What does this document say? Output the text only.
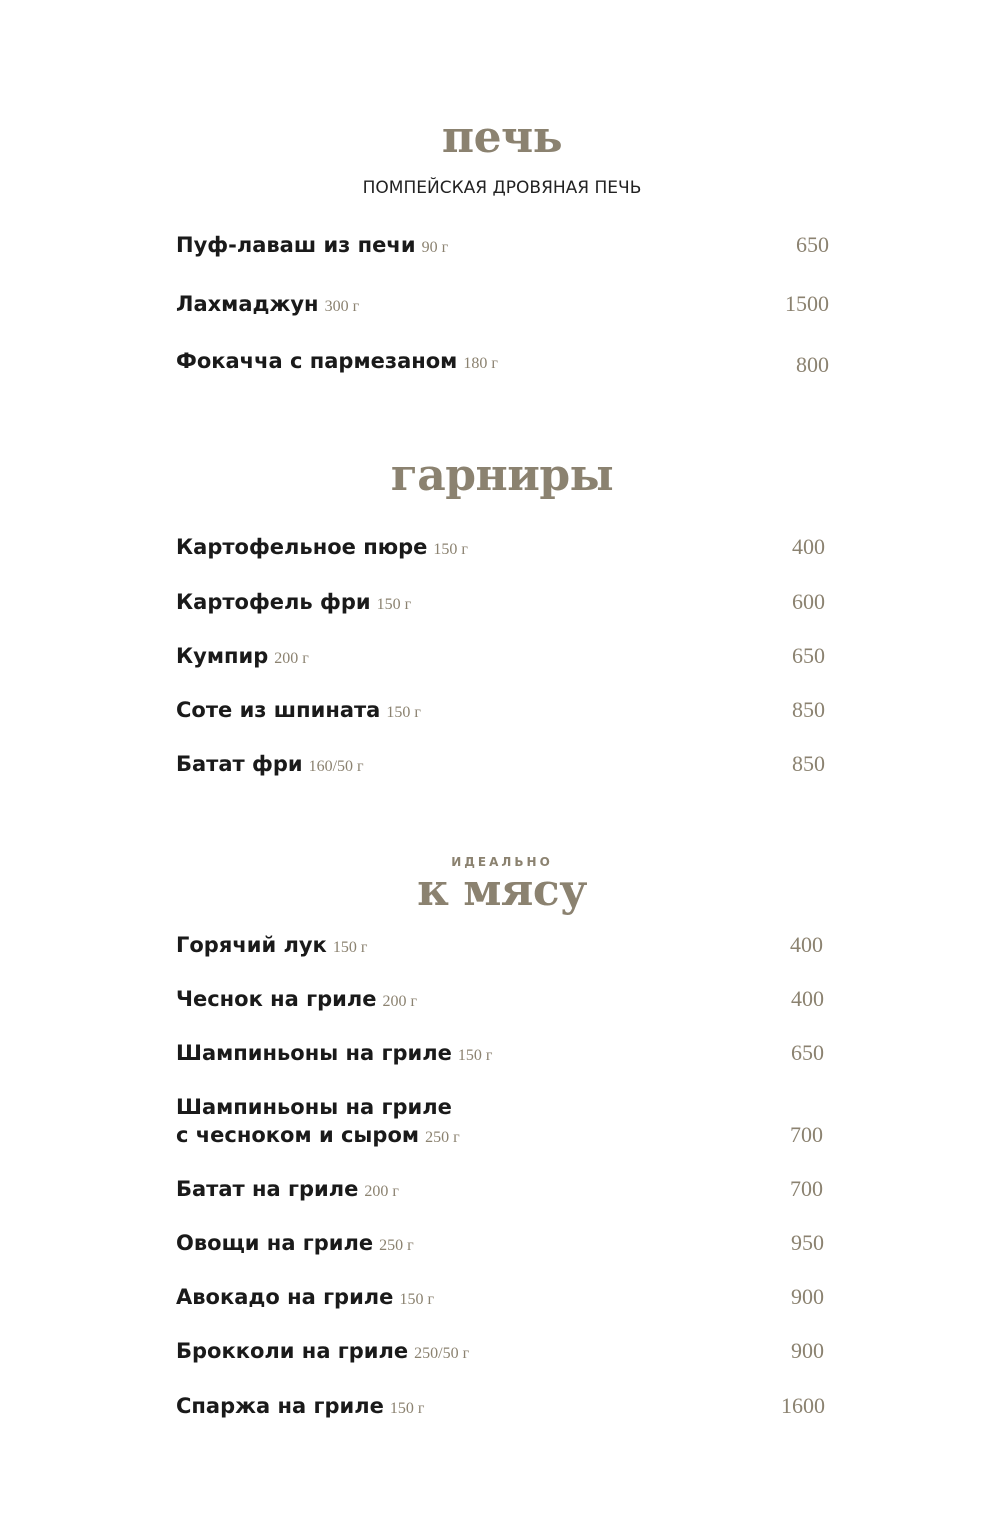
печь
ПОМПЕЙСКАЯ ДРОВЯНАЯ ПЕЧЬ
Пуф-лаваш из печи 90 г	650
Лахмаджун 300 г	1500
Фокачча с пармезаном 180 г	800
гарниры
Картофельное пюре 150 г	400
Картофель фри 150 г	600
Кумпир 200 г	650
Соте из шпината 150 г	850
Батат фри 160/50 г	850
ИДЕАЛЬНО
к мясу
Горячий лук 150 г	400
Чеснок на гриле 200 г	400
Шампиньоны на гриле 150 г	650
Шампиньоны на гриле
с чесноком и сыром 250 г	700
Батат на гриле 200 г	700
Овощи на гриле 250 г	950
Авокадо на гриле 150 г	900
Брокколи на гриле 250/50 г	900
Спаржа на гриле 150 г	1600
